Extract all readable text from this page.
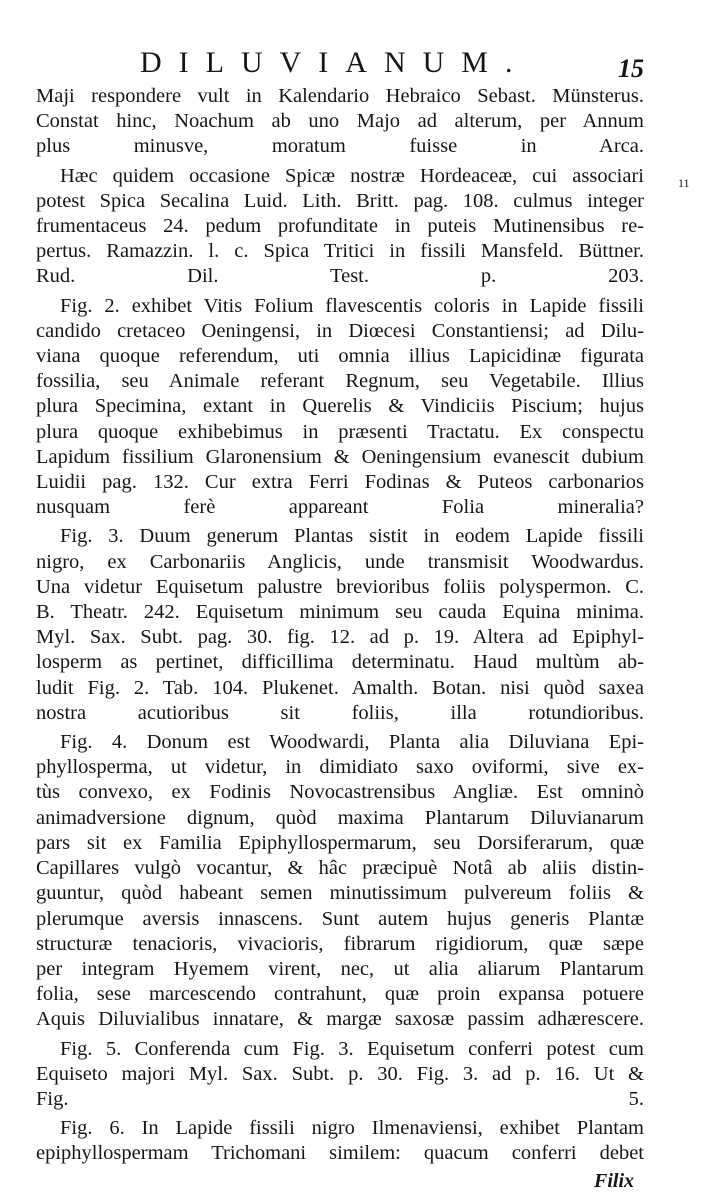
DILUVIANUM.	15
11

Maji respondere vult in Kalendario Hebraico Sebast. Münsterus.
Constat hinc, Noachum ab uno Majo ad alterum, per Annum
plus minusve, moratum fuisse in Arca.

Hæc quidem occasione Spicæ nostræ Hordeaceæ, cui associari
potest Spica Secalina Luid. Lith. Britt. pag. 108. culmus integer
frumentaceus 24. pedum profunditate in puteis Mutinensibus re-
pertus. Ramazzin. l. c. Spica Tritici in fissili Mansfeld. Büttner.
Rud. Dil. Test. p. 203.

Fig. 2. exhibet Vitis Folium flavescentis coloris in Lapide fissili
candido cretaceo Oeningensi, in Diœcesi Constantiensi; ad Dilu-
viana quoque referendum, uti omnia illius Lapicidinæ figurata
fossilia, seu Animale referant Regnum, seu Vegetabile. Illius
plura Specimina, extant in Querelis & Vindiciis Piscium; hujus
plura quoque exhibebimus in præsenti Tractatu. Ex conspectu
Lapidum fissilium Glaronensium & Oeningensium evanescit dubium
Luidii pag. 132. Cur extra Ferri Fodinas & Puteos carbonarios
nusquam ferè appareant Folia mineralia?

Fig. 3. Duum generum Plantas sistit in eodem Lapide fissili
nigro, ex Carbonariis Anglicis, unde transmisit Woodwardus.
Una videtur Equisetum palustre brevioribus foliis polyspermon. C.
B. Theatr. 242. Equisetum minimum seu cauda Equina minima.
Myl. Sax. Subt. pag. 30. fig. 12. ad p. 19. Altera ad Epiphyl-
losperm as pertinet, difficillima determinatu. Haud multùm ab-
ludit Fig. 2. Tab. 104. Plukenet. Amalth. Botan. nisi quòd saxea
nostra acutioribus sit foliis, illa rotundioribus.

Fig. 4. Donum est Woodwardi, Planta alia Diluviana Epi-
phyllosperma, ut videtur, in dimidiato saxo oviformi, sive ex-
tùs convexo, ex Fodinis Novocastrensibus Angliæ. Est omninò
animadversione dignum, quòd maxima Plantarum Diluvianarum
pars sit ex Familia Epiphyllospermarum, seu Dorsiferarum, quæ
Capillares vulgò vocantur, & hâc præcipuè Notâ ab aliis distin-
guuntur, quòd habeant semen minutissimum pulvereum foliis &
plerumque aversis innascens. Sunt autem hujus generis Plantæ
structuræ tenacioris, vivacioris, fibrarum rigidiorum, quæ sæpe
per integram Hyemem virent, nec, ut alia aliarum Plantarum
folia, sese marcescendo contrahunt, quæ proin expansa potuere
Aquis Diluvialibus innatare, & margæ saxosæ passim adhærescere.

Fig. 5. Conferenda cum Fig. 3. Equisetum conferri potest cum
Equiseto majori Myl. Sax. Subt. p. 30. Fig. 3. ad p. 16. Ut &
Fig. 5.

Fig. 6. In Lapide fissili nigro Ilmenaviensi, exhibet Plantam
epiphyllospermam Trichomani similem: quacum conferri debet

Filix
